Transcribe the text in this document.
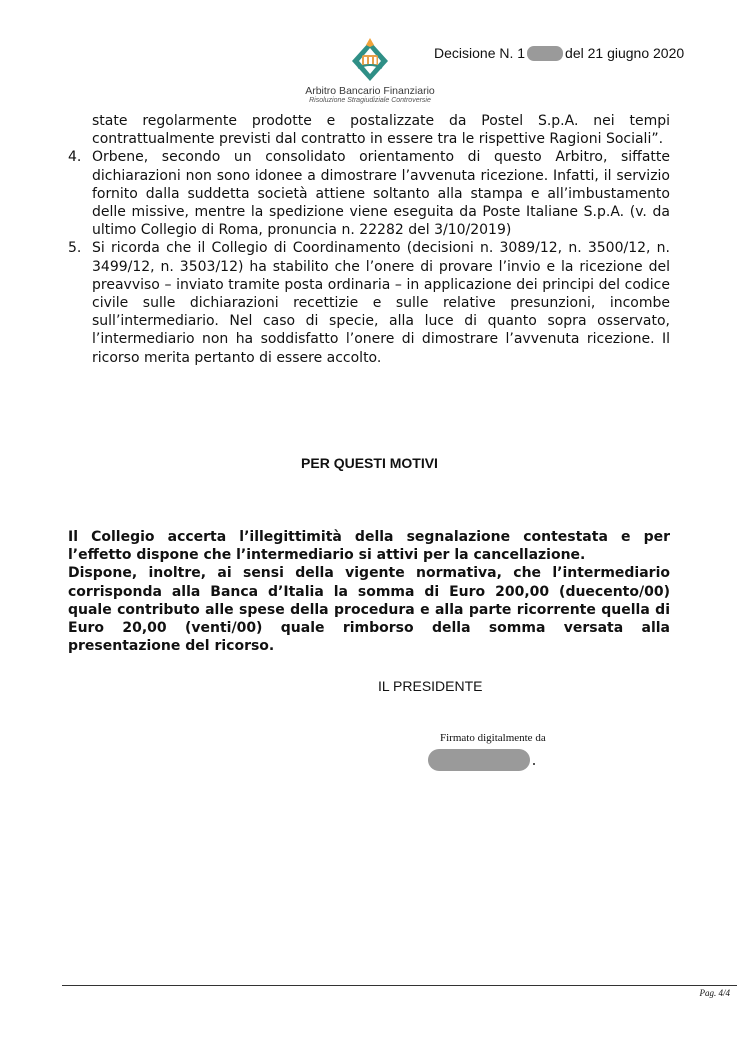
Arbitro Bancario Finanziario
Risoluzione Stragiudiziale Controversie
Decisione N. 1	del 21 giugno 2020
state regolarmente prodotte e postalizzate da Postel S.p.A. nei tempi contrattualmente previsti dal contratto in essere tra le rispettive Ragioni Sociali”.
4. Orbene, secondo un consolidato orientamento di questo Arbitro, siffatte dichiarazioni non sono idonee a dimostrare l’avvenuta ricezione. Infatti, il servizio fornito dalla suddetta società attiene soltanto alla stampa e all’imbustamento delle missive, mentre la spedizione viene eseguita da Poste Italiane S.p.A. (v. da ultimo Collegio di Roma, pronuncia n. 22282 del 3/10/2019)
5. Si ricorda che il Collegio di Coordinamento (decisioni n. 3089/12, n. 3500/12, n. 3499/12, n. 3503/12) ha stabilito che l’onere di provare l’invio e la ricezione del preavviso – inviato tramite posta ordinaria – in applicazione dei principi del codice civile sulle dichiarazioni recettizie e sulle relative presunzioni, incombe sull’intermediario. Nel caso di specie, alla luce di quanto sopra osservato, l’intermediario non ha soddisfatto l’onere di dimostrare l’avvenuta ricezione. Il ricorso merita pertanto di essere accolto.
PER QUESTI MOTIVI

Il Collegio accerta l’illegittimità della segnalazione contestata e per l’effetto dispone che l’intermediario si attivi per la cancellazione.

Dispone, inoltre, ai sensi della vigente normativa, che l’intermediario corrisponda alla Banca d’Italia la somma di Euro 200,00 (duecento/00) quale contributo alle spese della procedura e alla parte ricorrente quella di Euro 20,00 (venti/00) quale rimborso della somma versata alla presentazione del ricorso.

IL PRESIDENTE
Firmato digitalmente da
Pag. 4/4
